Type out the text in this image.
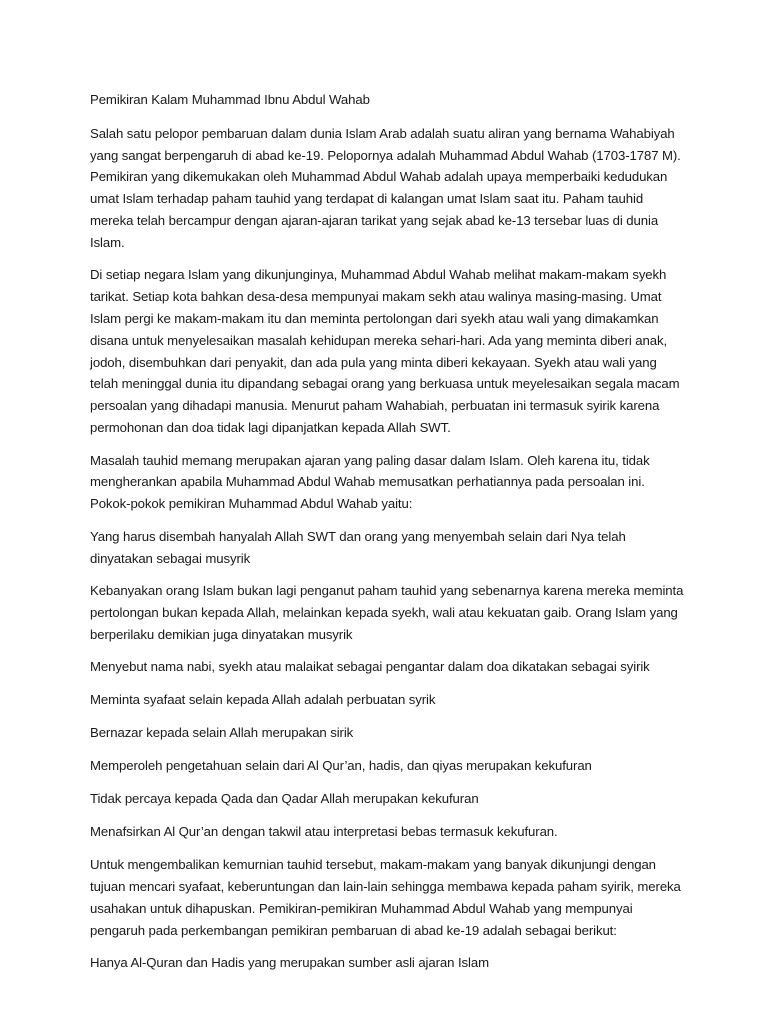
Pemikiran Kalam Muhammad Ibnu Abdul Wahab

Salah satu pelopor pembaruan dalam dunia Islam Arab adalah suatu aliran yang bernama Wahabiyah yang sangat berpengaruh di abad ke-19. Pelopornya adalah Muhammad Abdul Wahab (1703-1787 M). Pemikiran yang dikemukakan oleh Muhammad Abdul Wahab adalah upaya memperbaiki kedudukan umat Islam terhadap paham tauhid yang terdapat di kalangan umat Islam saat itu. Paham tauhid mereka telah bercampur dengan ajaran-ajaran tarikat yang sejak abad ke-13 tersebar luas di dunia Islam.

Di setiap negara Islam yang dikunjunginya, Muhammad Abdul Wahab melihat makam-makam syekh tarikat. Setiap kota bahkan desa-desa mempunyai makam sekh atau walinya masing-masing. Umat Islam pergi ke makam-makam itu dan meminta pertolongan dari syekh atau wali yang dimakamkan disana untuk menyelesaikan masalah kehidupan mereka sehari-hari. Ada yang meminta diberi anak, jodoh, disembuhkan dari penyakit, dan ada pula yang minta diberi kekayaan. Syekh atau wali yang telah meninggal dunia itu dipandang sebagai orang yang berkuasa untuk meyelesaikan segala macam persoalan yang dihadapi manusia. Menurut paham Wahabiah, perbuatan ini termasuk syirik karena permohonan dan doa tidak lagi dipanjatkan kepada Allah SWT.

Masalah tauhid memang merupakan ajaran yang paling dasar dalam Islam. Oleh karena itu, tidak mengherankan apabila Muhammad Abdul Wahab memusatkan perhatiannya pada persoalan ini. Pokok-pokok pemikiran Muhammad Abdul Wahab yaitu:

Yang harus disembah hanyalah Allah SWT dan orang yang menyembah selain dari Nya telah dinyatakan sebagai musyrik

Kebanyakan orang Islam bukan lagi penganut paham tauhid yang sebenarnya karena mereka meminta pertolongan bukan kepada Allah, melainkan kepada syekh, wali atau kekuatan gaib. Orang Islam yang berperilaku demikian juga dinyatakan musyrik

Menyebut nama nabi, syekh atau malaikat sebagai pengantar dalam doa dikatakan sebagai syirik

Meminta syafaat selain kepada Allah adalah perbuatan syrik

Bernazar kepada selain Allah merupakan sirik

Memperoleh pengetahuan selain dari Al Qur’an, hadis, dan qiyas merupakan kekufuran

Tidak percaya kepada Qada dan Qadar Allah merupakan kekufuran

Menafsirkan Al Qur’an dengan takwil atau interpretasi bebas termasuk kekufuran.

Untuk mengembalikan kemurnian tauhid tersebut, makam-makam yang banyak dikunjungi dengan tujuan mencari syafaat, keberuntungan dan lain-lain sehingga membawa kepada paham syirik, mereka usahakan untuk dihapuskan. Pemikiran-pemikiran Muhammad Abdul Wahab yang mempunyai pengaruh pada perkembangan pemikiran pembaruan di abad ke-19 adalah sebagai berikut:

Hanya Al-Quran dan Hadis yang merupakan sumber asli ajaran Islam
